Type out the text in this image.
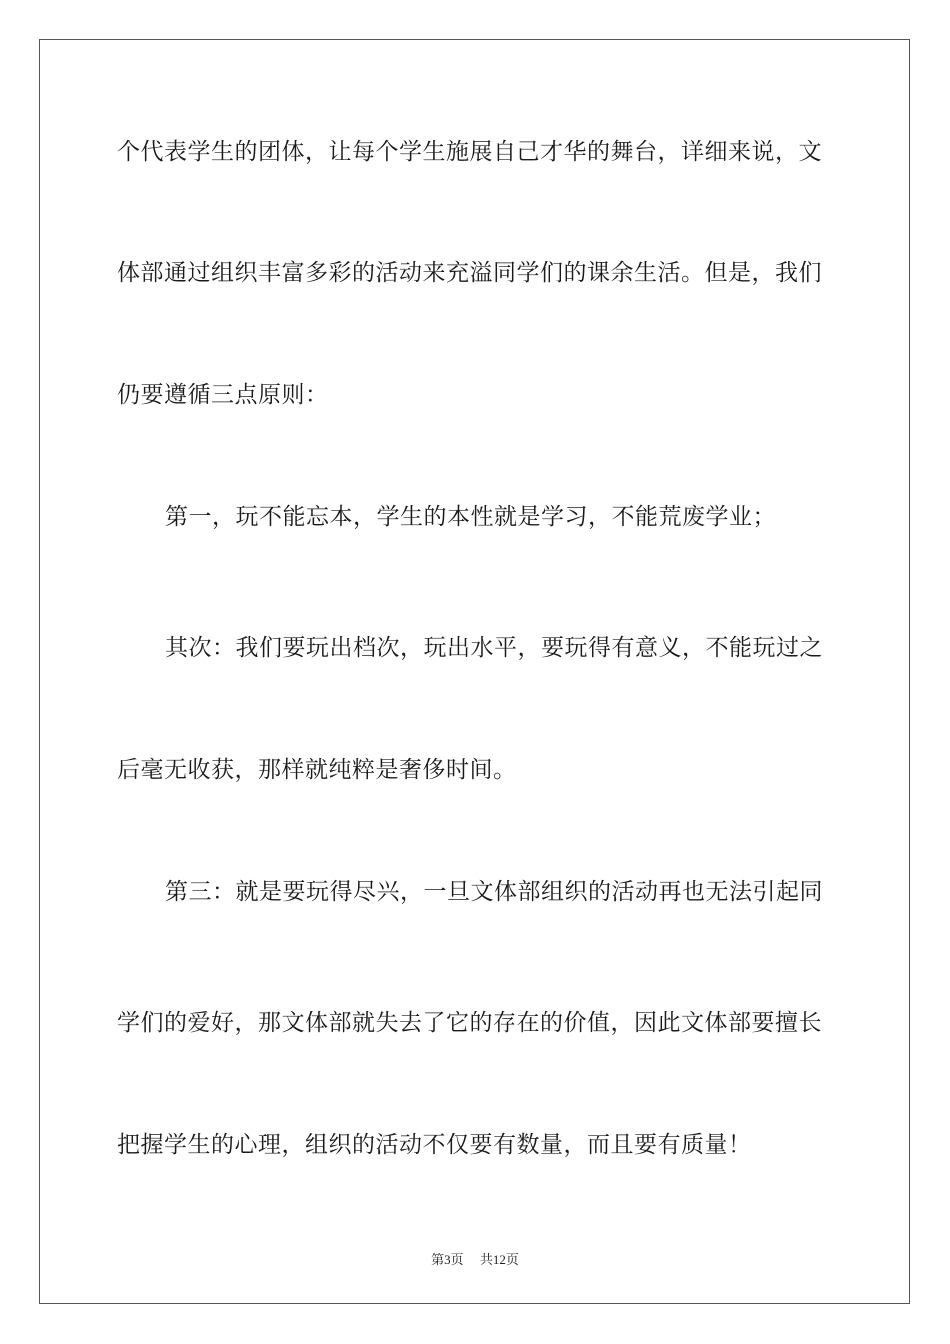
个代表学生的团体，让每个学生施展自己才华的舞台，详细来说，文
体部通过组织丰富多彩的活动来充溢同学们的课余生活。但是，我们
仍要遵循三点原则：
第一，玩不能忘本，学生的本性就是学习，不能荒废学业；
其次：我们要玩出档次，玩出水平，要玩得有意义，不能玩过之
后毫无收获，那样就纯粹是奢侈时间。
第三：就是要玩得尽兴，一旦文体部组织的活动再也无法引起同
学们的爱好，那文体部就失去了它的存在的价值，因此文体部要擅长
把握学生的心理，组织的活动不仅要有数量，而且要有质量！
第3页 共12页
